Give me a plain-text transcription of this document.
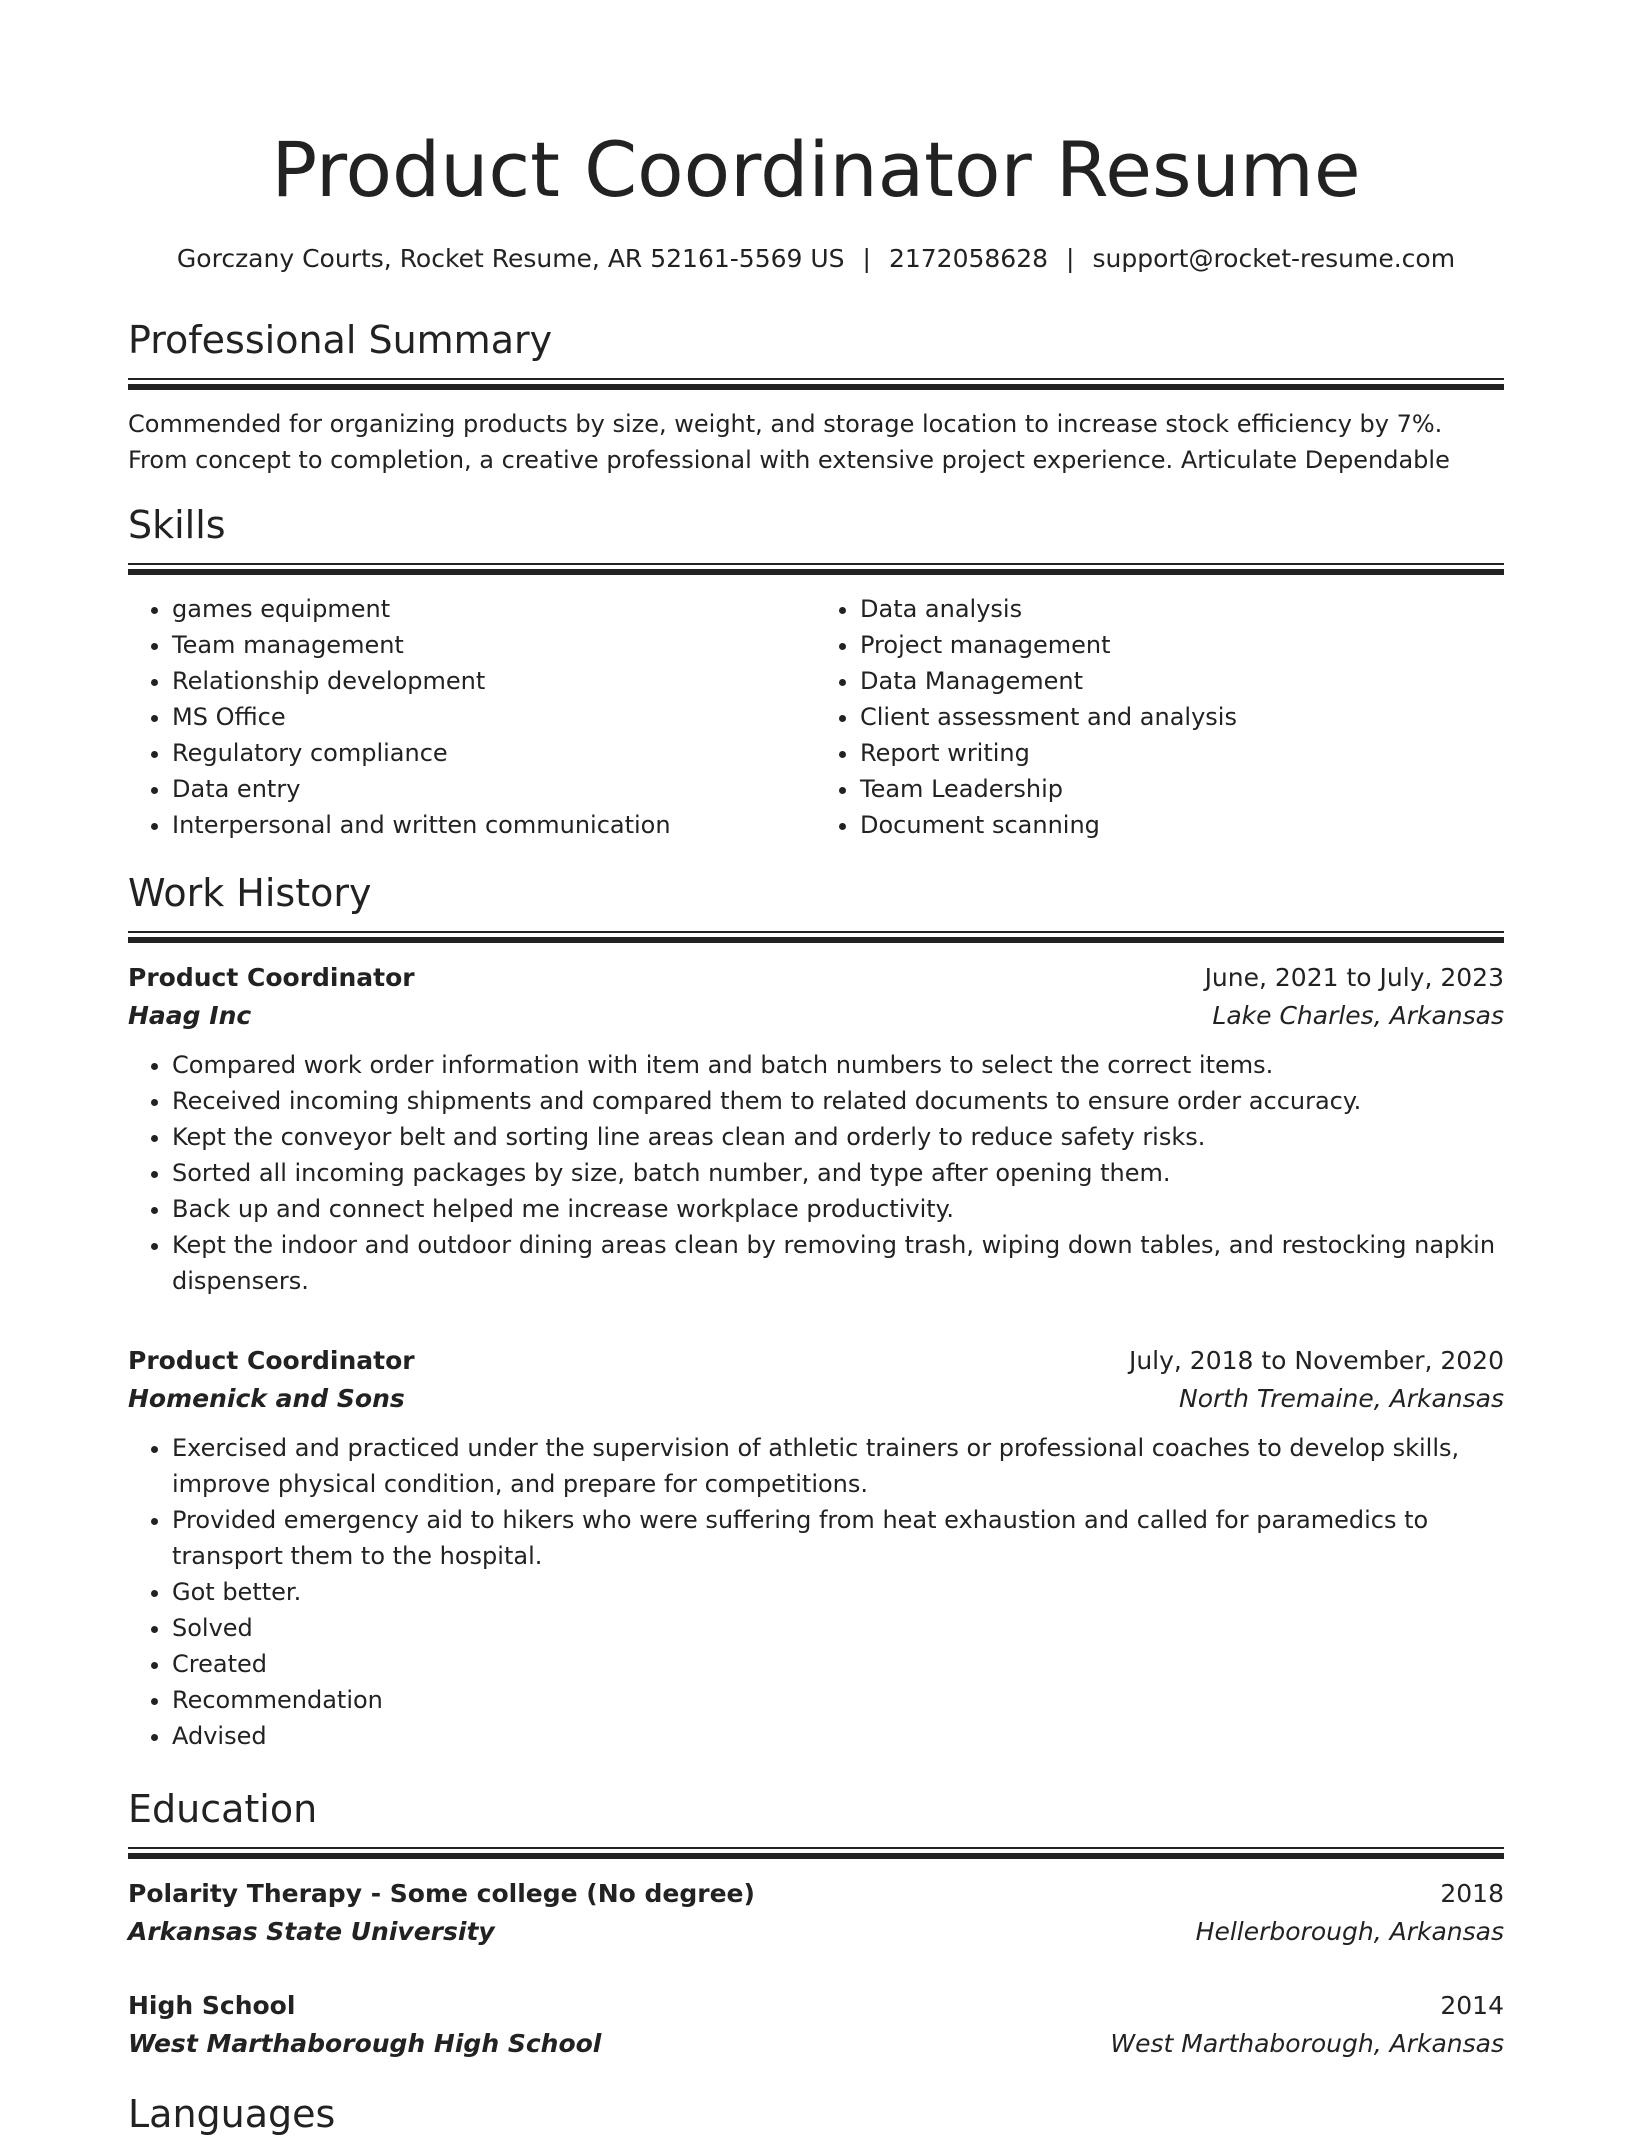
Product Coordinator Resume
Gorczany Courts, Rocket Resume, AR 52161-5569 US | 2172058628 | support@rocket-resume.com
Professional Summary

Commended for organizing products by size, weight, and storage location to increase stock efficiency by 7%. From concept to completion, a creative professional with extensive project experience. Articulate Dependable

Skills
• games equipment
• Team management
• Relationship development
• MS Office
• Regulatory compliance
• Data entry
• Interpersonal and written communication
• Data analysis
• Project management
• Data Management
• Client assessment and analysis
• Report writing
• Team Leadership
• Document scanning
Work History
Product Coordinator	June, 2021 to July, 2023
Haag Inc	Lake Charles, Arkansas
• Compared work order information with item and batch numbers to select the correct items.
• Received incoming shipments and compared them to related documents to ensure order accuracy.
• Kept the conveyor belt and sorting line areas clean and orderly to reduce safety risks.
• Sorted all incoming packages by size, batch number, and type after opening them.
• Back up and connect helped me increase workplace productivity.
• Kept the indoor and outdoor dining areas clean by removing trash, wiping down tables, and restocking napkin dispensers.
Product Coordinator	July, 2018 to November, 2020
Homenick and Sons	North Tremaine, Arkansas
• Exercised and practiced under the supervision of athletic trainers or professional coaches to develop skills, improve physical condition, and prepare for competitions.
• Provided emergency aid to hikers who were suffering from heat exhaustion and called for paramedics to transport them to the hospital.
• Got better.
• Solved
• Created
• Recommendation
• Advised
Education
Polarity Therapy - Some college (No degree)	2018
Arkansas State University	Hellerborough, Arkansas
High School	2014
West Marthaborough High School	West Marthaborough, Arkansas
Languages
